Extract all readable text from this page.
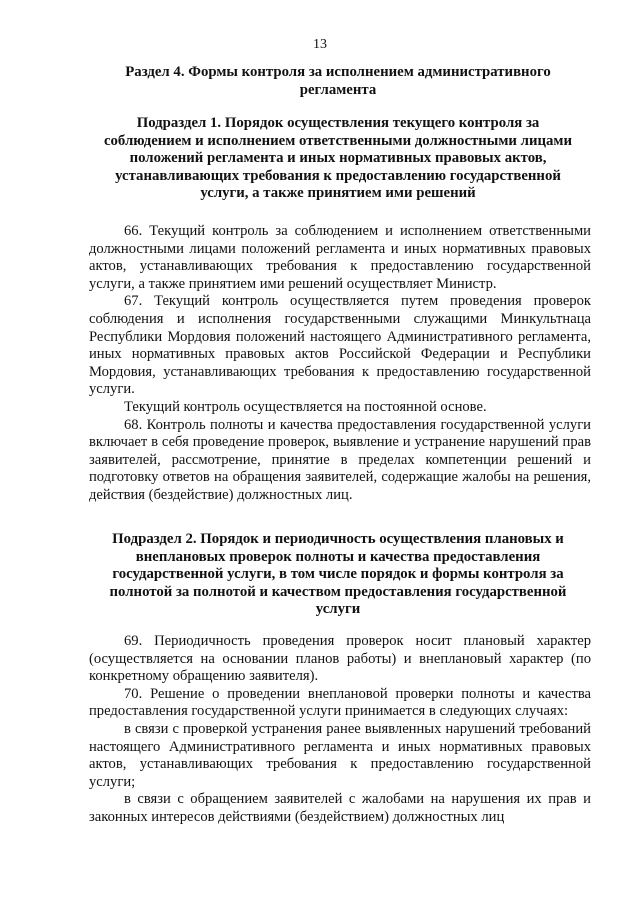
13
Раздел 4. Формы контроля за исполнением административного регламента
Подраздел 1. Порядок осуществления текущего контроля за соблюдением и исполнением ответственными должностными лицами положений регламента и иных нормативных правовых актов, устанавливающих требования к предоставлению государственной услуги, а также принятием ими решений

66. Текущий контроль за соблюдением и исполнением ответственными должностными лицами положений регламента и иных нормативных правовых актов, устанавливающих требования к предоставлению государственной услуги, а также принятием ими решений осуществляет Министр.

67. Текущий контроль осуществляется путем проведения проверок соблюдения и исполнения государственными служащими Минкультнаца Республики Мордовия положений настоящего Административного регламента, иных нормативных правовых актов Российской Федерации и Республики Мордовия, устанавливающих требования к предоставлению государственной услуги.

Текущий контроль осуществляется на постоянной основе.

68. Контроль полноты и качества предоставления государственной услуги включает в себя проведение проверок, выявление и устранение нарушений прав заявителей, рассмотрение, принятие в пределах компетенции решений и подготовку ответов на обращения заявителей, содержащие жалобы на решения, действия (бездействие) должностных лиц.

Подраздел 2. Порядок и периодичность осуществления плановых и внеплановых проверок полноты и качества предоставления государственной услуги, в том числе порядок и формы контроля за полнотой за полнотой и качеством предоставления государственной услуги

69. Периодичность проведения проверок носит плановый характер (осуществляется на основании планов работы) и внеплановый характер (по конкретному обращению заявителя).

70. Решение о проведении внеплановой проверки полноты и качества предоставления государственной услуги принимается в следующих случаях:

в связи с проверкой устранения ранее выявленных нарушений требований настоящего Административного регламента и иных нормативных правовых актов, устанавливающих требования к предоставлению государственной услуги;

в связи с обращением заявителей с жалобами на нарушения их прав и законных интересов действиями (бездействием) должностных лиц
